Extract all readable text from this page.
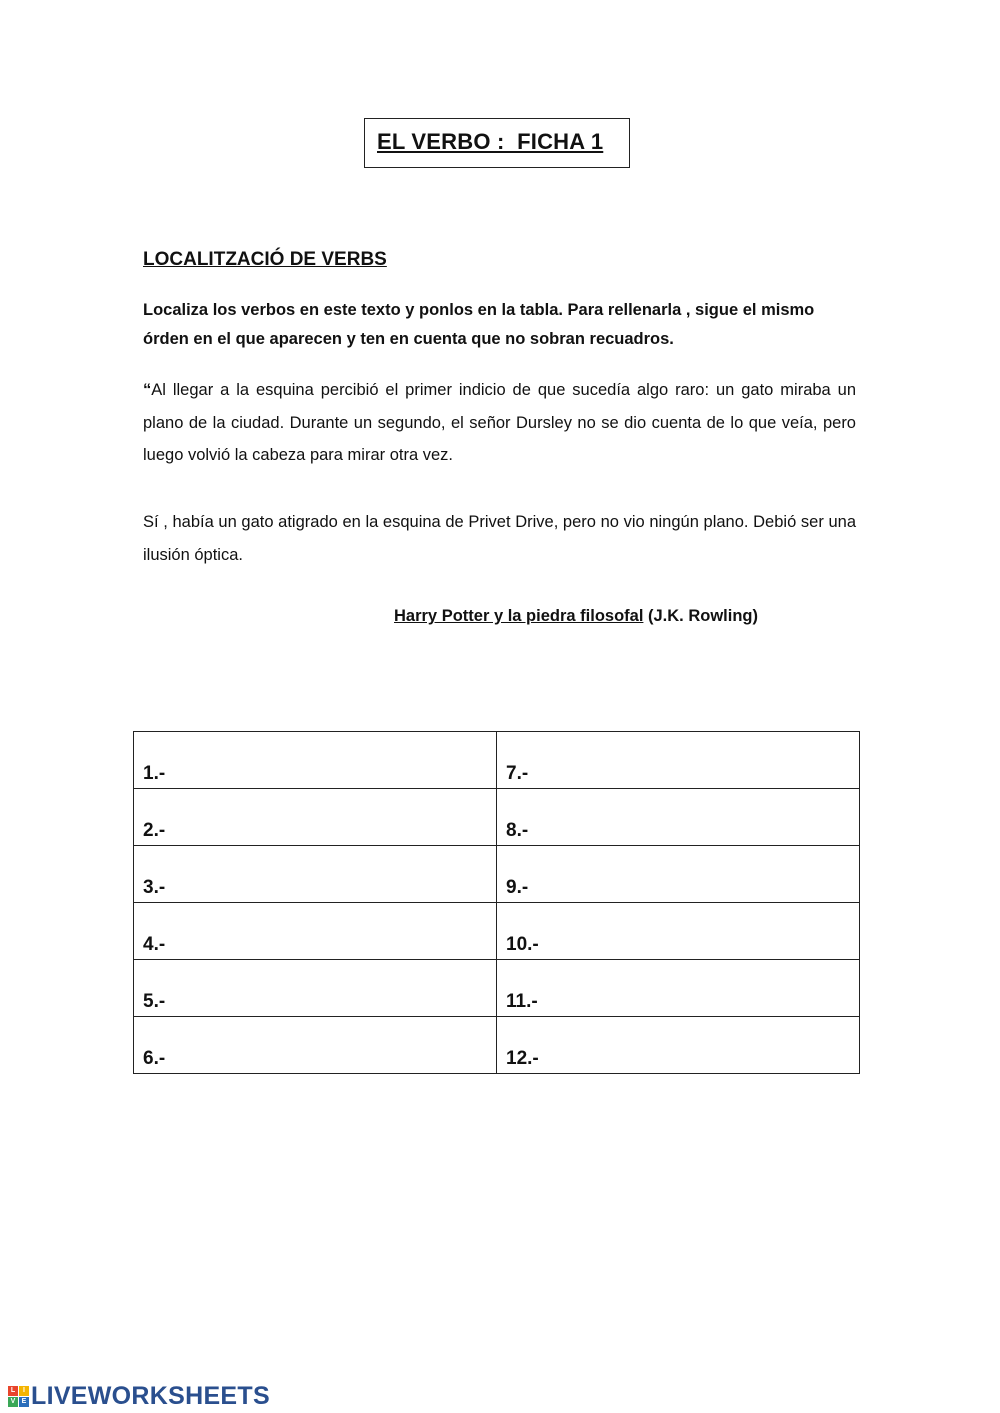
EL VERBO :  FICHA 1
LOCALITZACIÓ DE VERBS
Localiza los verbos en este texto y ponlos en la tabla. Para rellenarla , sigue el mismo órden en el que aparecen y ten en cuenta que no sobran recuadros.
“Al llegar a la esquina percibió el primer indicio de que sucedía algo raro: un gato miraba un plano de la ciudad. Durante un segundo, el señor Dursley no se dio cuenta de lo que veía, pero luego volvió la cabeza para mirar otra vez.
Sí , había un gato atigrado en la esquina de Privet Drive, pero no vio ningún plano. Debió ser una ilusión óptica.
Harry Potter y la piedra filosofal (J.K. Rowling)
1.-	7.-
2.-	8.-
3.-	9.-
4.-	10.-
5.-	11.-
6.-	12.-
L	I
V E LIVEWORKSHEETS
